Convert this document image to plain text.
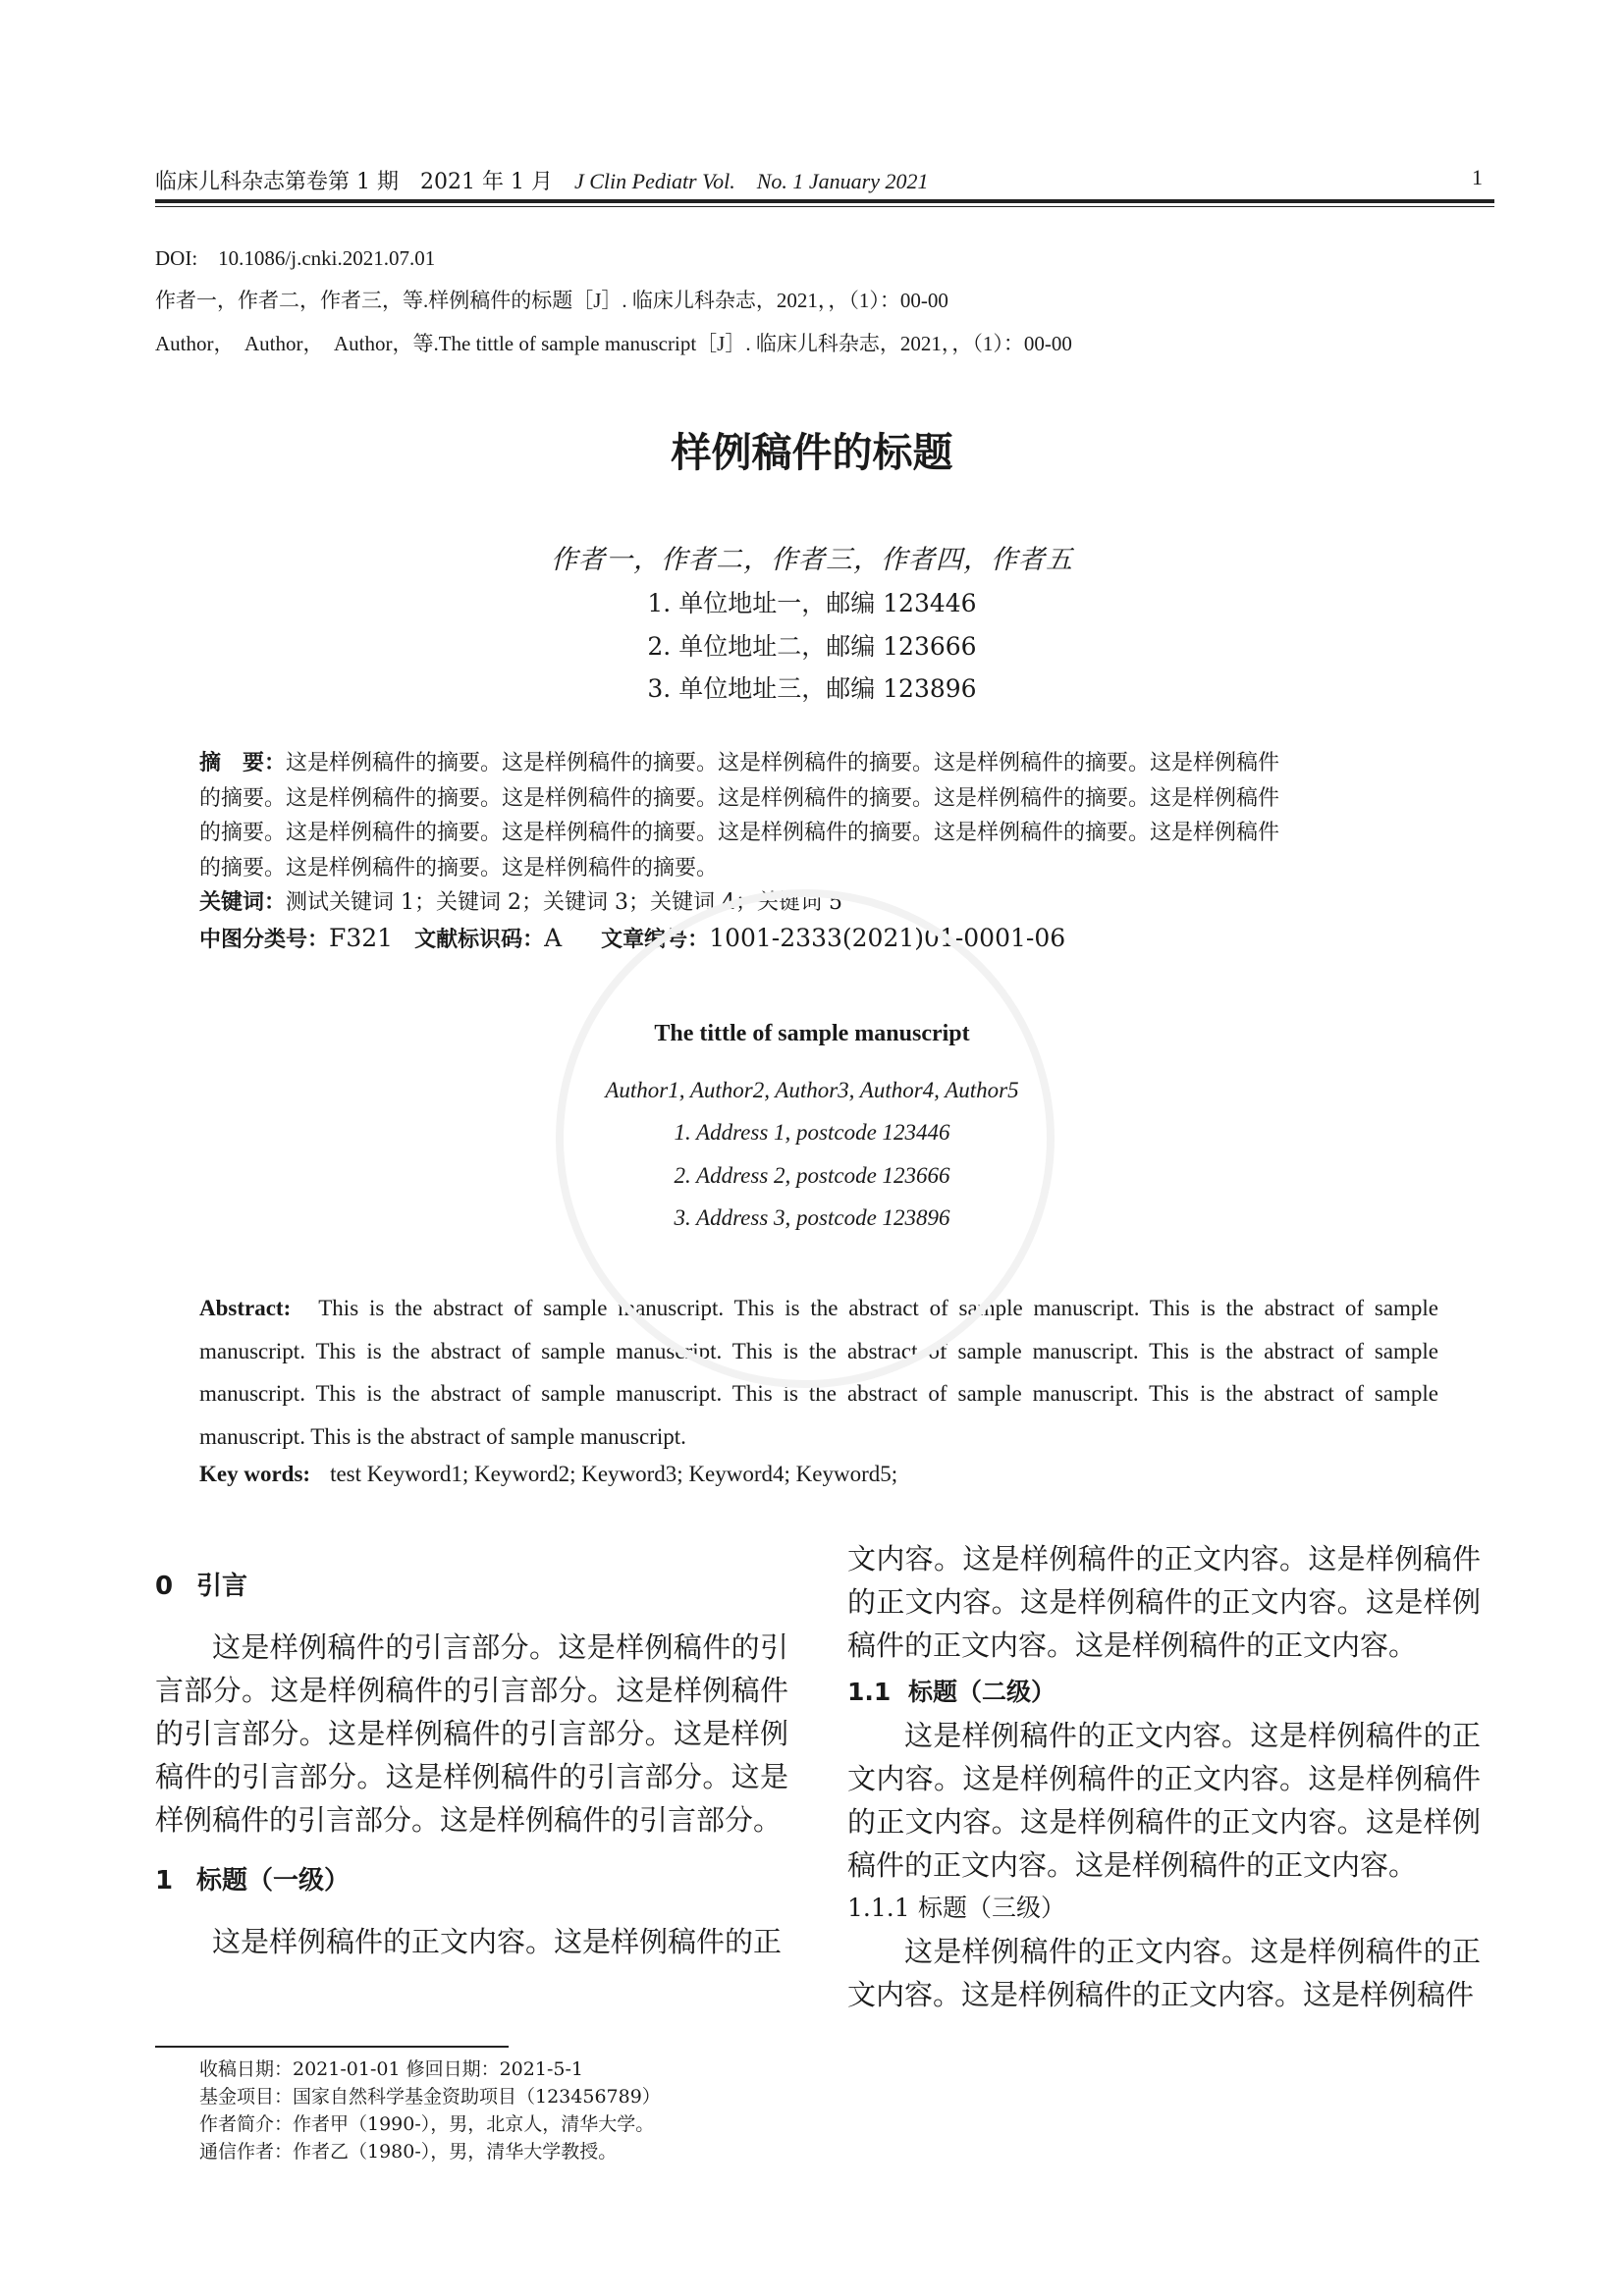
临床儿科杂志第卷第 1 期　2021 年 1 月　 J Clin Pediatr Vol.　No. 1 January 2021	1
DOI:　10.1086/j.cnki.2021.07.01
作者一，作者二，作者三，等.样例稿件的标题［J］. 临床儿科杂志，2021，，（1）：00-00
Author，　Author，　Author，等.The tittle of sample manuscript［J］. 临床儿科杂志，2021，，（1）：00-00
样例稿件的标题
作者一，作者二，作者三，作者四，作者五
1. 单位地址一，邮编 123446
2. 单位地址二，邮编 123666
3. 单位地址三，邮编 123896
摘　要：这是样例稿件的摘要。这是样例稿件的摘要。这是样例稿件的摘要。这是样例稿件的摘要。这是样例稿件
的摘要。这是样例稿件的摘要。这是样例稿件的摘要。这是样例稿件的摘要。这是样例稿件的摘要。这是样例稿件
的摘要。这是样例稿件的摘要。这是样例稿件的摘要。这是样例稿件的摘要。这是样例稿件的摘要。这是样例稿件
的摘要。这是样例稿件的摘要。这是样例稿件的摘要。
关键词：测试关键词 1；关键词 2；关键词 3；关键词 4；关键词 5
中图分类号：F321 文献标识码：A 文章编号：1001-2333(2021)01-0001-06
The tittle of sample manuscript
Author1, Author2, Author3, Author4, Author5
1. Address 1, postcode 123446
2. Address 2, postcode 123666
3. Address 3, postcode 123896
Abstract: This is the abstract of sample manuscript. This is the abstract of sample manuscript. This is the abstract of sample manuscript. This is the abstract of sample manuscript. This is the abstract of sample manuscript. This is the abstract of sample manuscript. This is the abstract of sample manuscript. This is the abstract of sample manuscript. This is the abstract of sample manuscript. This is the abstract of sample manuscript.
Key words: test Keyword1; Keyword2; Keyword3; Keyword4; Keyword5;
0 引言

这是样例稿件的引言部分。这是样例稿件的引言部分。这是样例稿件的引言部分。这是样例稿件的引言部分。这是样例稿件的引言部分。这是样例稿件的引言部分。这是样例稿件的引言部分。这是样例稿件的引言部分。这是样例稿件的引言部分。

1 标题（一级）

这是样例稿件的正文内容。这是样例稿件的正

文内容。这是样例稿件的正文内容。这是样例稿件的正文内容。这是样例稿件的正文内容。这是样例稿件的正文内容。这是样例稿件的正文内容。

1.1 标题（二级）

这是样例稿件的正文内容。这是样例稿件的正文内容。这是样例稿件的正文内容。这是样例稿件的正文内容。这是样例稿件的正文内容。这是样例稿件的正文内容。这是样例稿件的正文内容。

1.1.1 标题（三级）

这是样例稿件的正文内容。这是样例稿件的正文内容。这是样例稿件的正文内容。这是样例稿件

收稿日期：2021-01-01 修回日期：2021-5-1
基金项目：国家自然科学基金资助项目（123456789）
作者简介：作者甲（1990-），男，北京人，清华大学。
通信作者：作者乙（1980-），男，清华大学教授。
